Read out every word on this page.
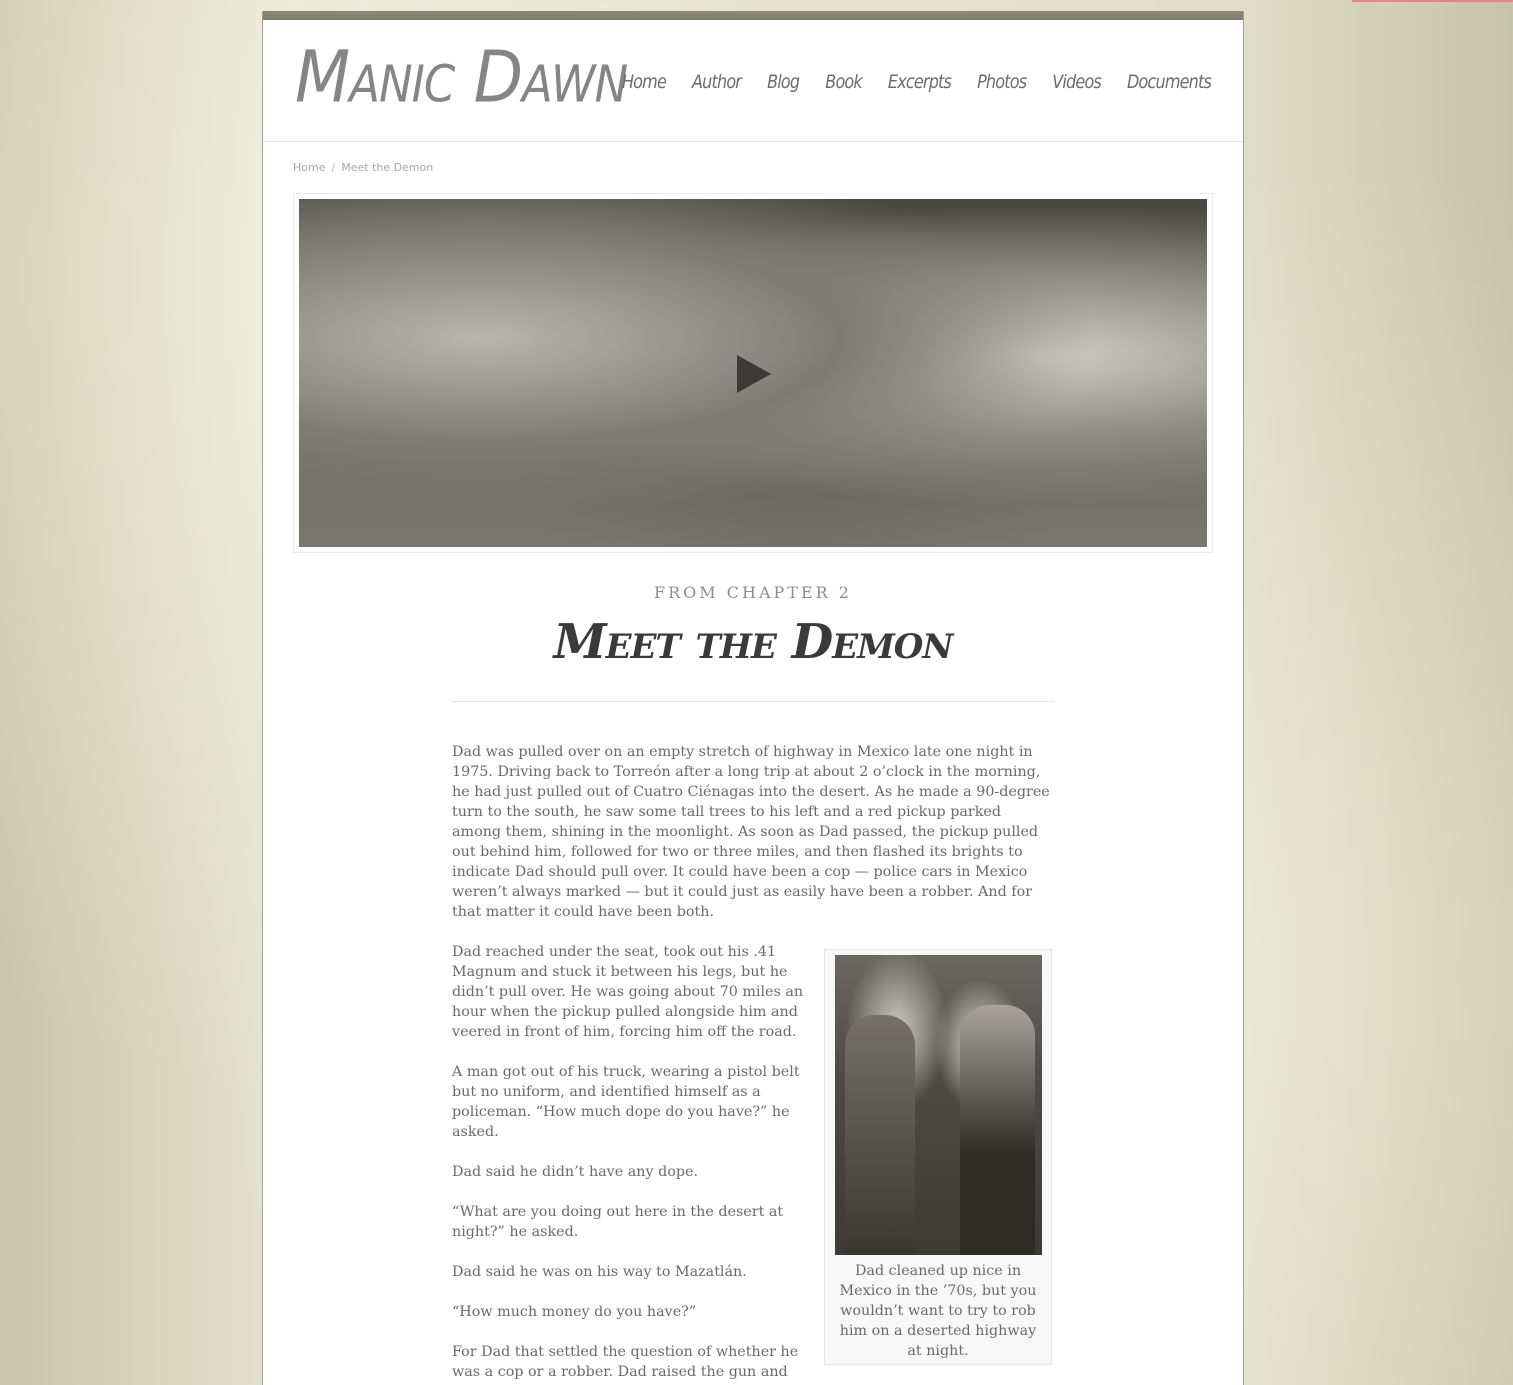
Manic Dawn
Home Author Blog Book Excerpts Photos Videos Documents
Home / Meet the Demon
FROM CHAPTER 2
Meet the Demon

Dad was pulled over on an empty stretch of highway in Mexico late one night in 1975. Driving back to Torreón after a long trip at about 2 o’clock in the morning, he had just pulled out of Cuatro Ciénagas into the desert. As he made a 90-degree turn to the south, he saw some tall trees to his left and a red pickup parked among them, shining in the moonlight. As soon as Dad passed, the pickup pulled out behind him, followed for two or three miles, and then flashed its brights to indicate Dad should pull over. It could have been a cop — police cars in Mexico weren’t always marked — but it could just as easily have been a robber. And for that matter it could have been both.

Dad reached under the seat, took out his .41 Magnum and stuck it between his legs, but he didn’t pull over. He was going about 70 miles an hour when the pickup pulled alongside him and veered in front of him, forcing him off the road.

A man got out of his truck, wearing a pistol belt but no uniform, and identified himself as a policeman. “How much dope do you have?” he asked.

Dad said he didn’t have any dope.

“What are you doing out here in the desert at night?” he asked.

Dad said he was on his way to Mazatlán.

“How much money do you have?”

For Dad that settled the question of whether he was a cop or a robber. Dad raised the gun and

Dad cleaned up nice in Mexico in the ’70s, but you wouldn’t want to try to rob him on a deserted highway at night.
